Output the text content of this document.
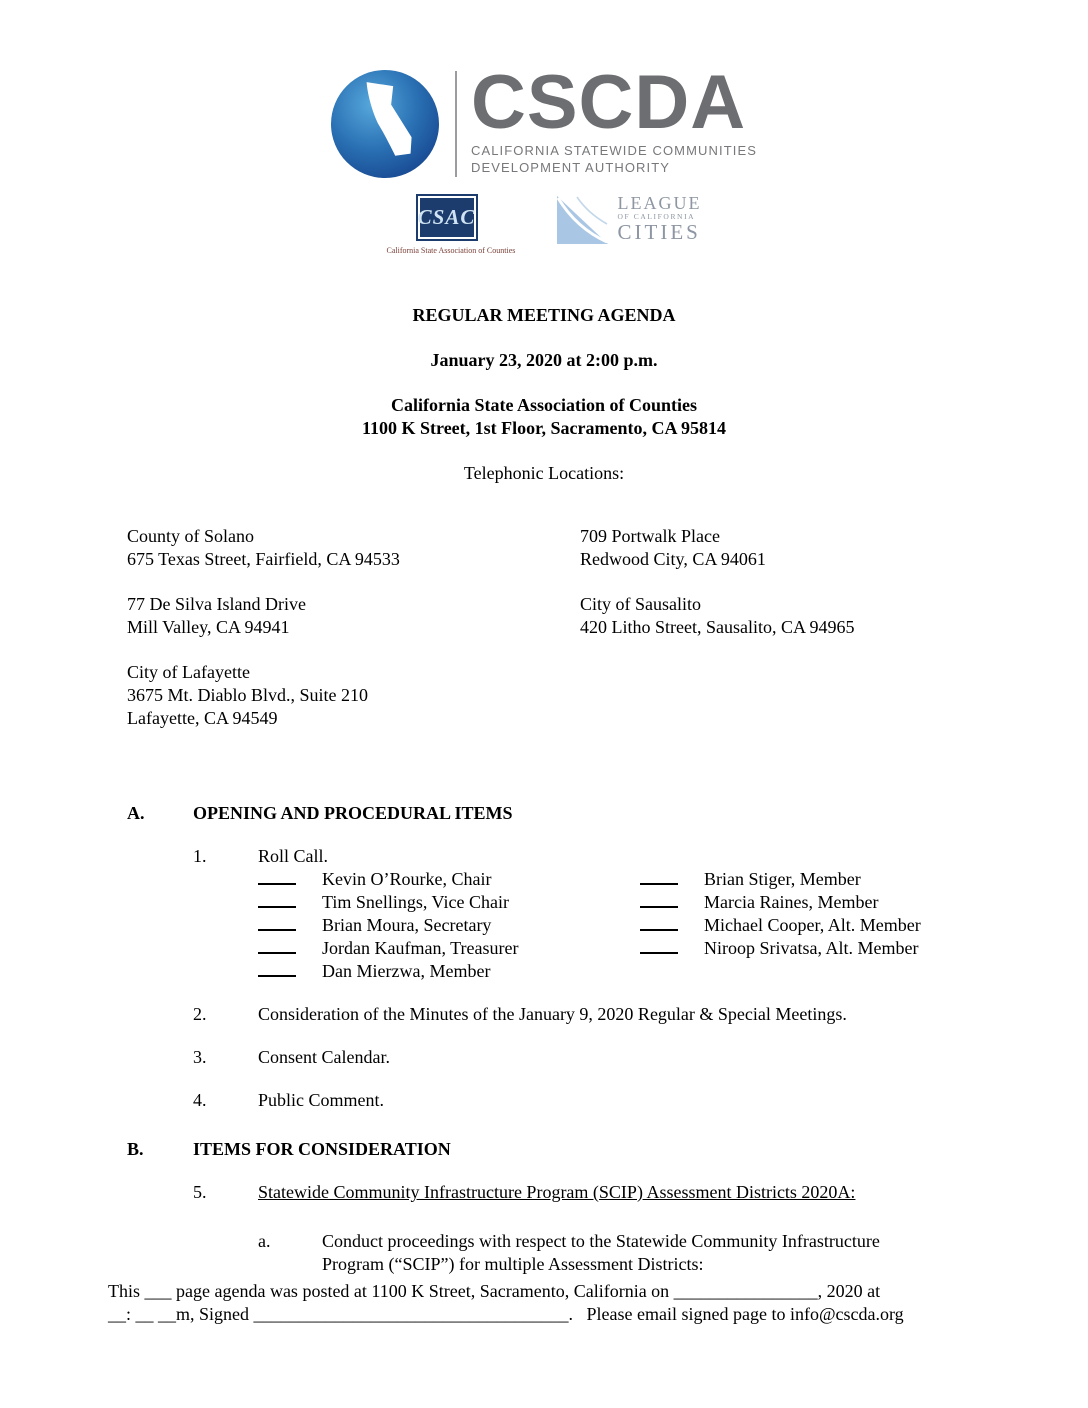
CSCDA
CALIFORNIA STATEWIDE COMMUNITIES
DEVELOPMENT AUTHORITY
CSAC
California State Association of Counties
LEAGUE
OF CALIFORNIA
CITIES
REGULAR MEETING AGENDA
January 23, 2020 at 2:00 p.m.
California State Association of Counties
1100 K Street, 1st Floor, Sacramento, CA 95814
Telephonic Locations:
County of Solano
675 Texas Street, Fairfield, CA 94533
77 De Silva Island Drive
Mill Valley, CA 94941
City of Lafayette
3675 Mt. Diablo Blvd., Suite 210
Lafayette, CA 94549
709 Portwalk Place
Redwood City, CA 94061
City of Sausalito
420 Litho Street, Sausalito, CA 94965
A.	OPENING AND PROCEDURAL ITEMS
1.	Roll Call.
Kevin O’Rourke, Chair
Tim Snellings, Vice Chair
Brian Moura, Secretary
Jordan Kaufman, Treasurer
Dan Mierzwa, Member
Brian Stiger, Member
Marcia Raines, Member
Michael Cooper, Alt. Member
Niroop Srivatsa, Alt. Member
2.	Consideration of the Minutes of the January 9, 2020 Regular & Special Meetings.
3.	Consent Calendar.
4.	Public Comment.
B.	ITEMS FOR CONSIDERATION
5.	Statewide Community Infrastructure Program (SCIP) Assessment Districts 2020A:
a.	Conduct proceedings with respect to the Statewide Community Infrastructure Program (“SCIP”) for multiple Assessment Districts:
This ___ page agenda was posted at 1100 K Street, Sacramento, California on ________________, 2020 at
__: __ __m, Signed ___________________________________.   Please email signed page to info@cscda.org
